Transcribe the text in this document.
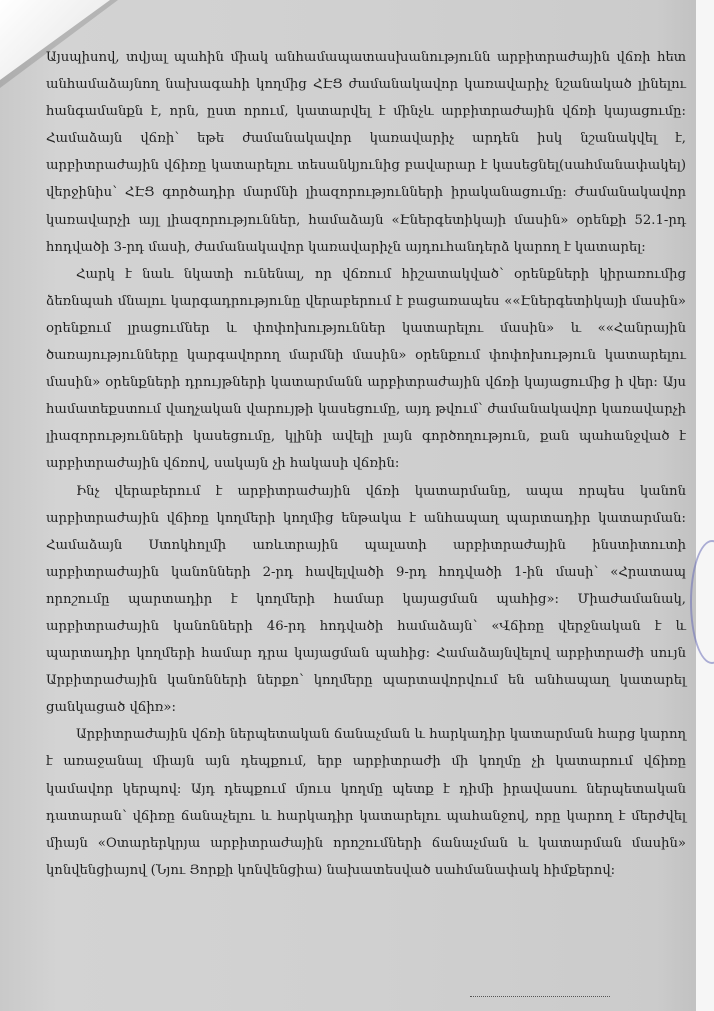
Այսպիսով, տվյալ պահին միակ անհամապատասխանությունն արբիտրաժային վճռի հետ անհամաձայնող նախագահի կողմից ՀԷՑ ժամանակավոր կառավարիչ նշանակած լինելու հանգամանքն է, որն, ըստ որում, կատարվել է մինչև արբիտրաժային վճռի կայացումը: Համաձայն վճռի՝ եթե ժամանակավոր կառավարիչ արդեն իսկ նշանակվել է, արբիտրաժային վճիռը կատարելու տեսանկյունից բավարար է կասեցնել(սահմանափակել) վերջինիս՝ ՀԷՑ գործադիր մարմնի լիազորությունների իրականացումը: Ժամանակավոր կառավարչի այլ լիազորություններ, համաձայն «Էներգետիկայի մասին» օրենքի 52.1-րդ հոդվածի 3-րդ մասի, ժամանակավոր կառավարիչն այդուհանդերձ կարող է կատարել:

Հարկ է նաև նկատի ունենալ, որ վճռում հիշատակված՝ օրենքների կիրառումից ձեռնպահ մնալու կարգադրությունը վերաբերում է բացառապես ««Էներգետիկայի մասին» օրենքում լրացումներ և փոփոխություններ կատարելու մասին» և ««Հանրային ծառայությունները կարգավորող մարմնի մասին» օրենքում փոփոխություն կատարելու մասին» օրենքների դրույթների կատարմանն արբիտրաժային վճռի կայացումից ի վեր: Այս համատեքստում վաղչական վարույթի կասեցումը, այդ թվում՝ ժամանակավոր կառավարչի լիազորությունների կասեցումը, կլինի ավելի լայն գործողություն, քան պահանջված է արբիտրաժային վճռով, սակայն չի հակասի վճռին:

Ինչ վերաբերում է արբիտրաժային վճռի կատարմանը, ապա որպես կանոն արբիտրաժային վճիռը կողմերի կողմից ենթակա է անհապաղ պարտադիր կատարման: Համաձայն Ստոկհոլմի առևտրային պալատի արբիտրաժային ինստիտուտի արբիտրաժային կանոնների 2-րդ հավելվածի 9-րդ հոդվածի 1-ին մասի՝ «Հրատապ որոշումը պարտադիր է կողմերի համար կայացման պահից»: Միաժամանակ, արբիտրաժային կանոնների 46-րդ հոդվածի համաձայն՝ «Վճիռը վերջնական է և պարտադիր կողմերի համար դրա կայացման պահից: Համաձայնվելով արբիտրաժի սույն Արբիտրաժային կանոնների ներքո՝ կողմերը պարտավորվում են անհապաղ կատարել ցանկացած վճիռ»:

Արբիտրաժային վճռի ներպետական ճանաչման և հարկադիր կատարման հարց կարող է առաջանալ միայն այն դեպքում, երբ արբիտրաժի մի կողմը չի կատարում վճիռը կամավոր կերպով: Այդ դեպքում մյուս կողմը պետք է դիմի իրավասու ներպետական դատարան՝ վճիռը ճանաչելու և հարկադիր կատարելու պահանջով, որը կարող է մերժվել միայն «Օտարերկրյա արբիտրաժային որոշումների ճանաչման և կատարման մասին» կոնվենցիայով (Նյու Յորքի կոնվենցիա) նախատեսված սահմանափակ հիմքերով:
